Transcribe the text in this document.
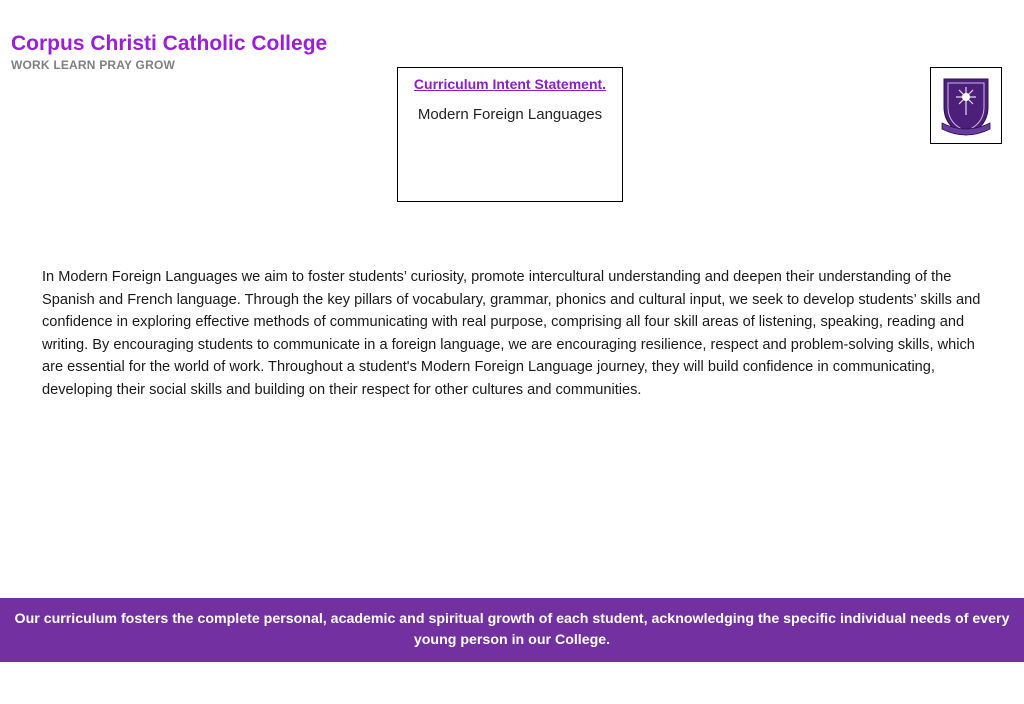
Corpus Christi Catholic College
WORK LEARN PRAY GROW
Curriculum Intent Statement.
Modern Foreign Languages

In Modern Foreign Languages we aim to foster students’ curiosity, promote intercultural understanding and deepen their understanding of the Spanish and French language. Through the key pillars of vocabulary, grammar, phonics and cultural input, we seek to develop students’ skills and confidence in exploring effective methods of communicating with real purpose, comprising all four skill areas of listening, speaking, reading and writing. By encouraging students to communicate in a foreign language, we are encouraging resilience, respect and problem-solving skills, which are essential for the world of work. Throughout a student's Modern Foreign Language journey, they will build confidence in communicating, developing their social skills and building on their respect for other cultures and communities.

Our curriculum fosters the complete personal, academic and spiritual growth of each student, acknowledging the specific individual needs of every young person in our College.
